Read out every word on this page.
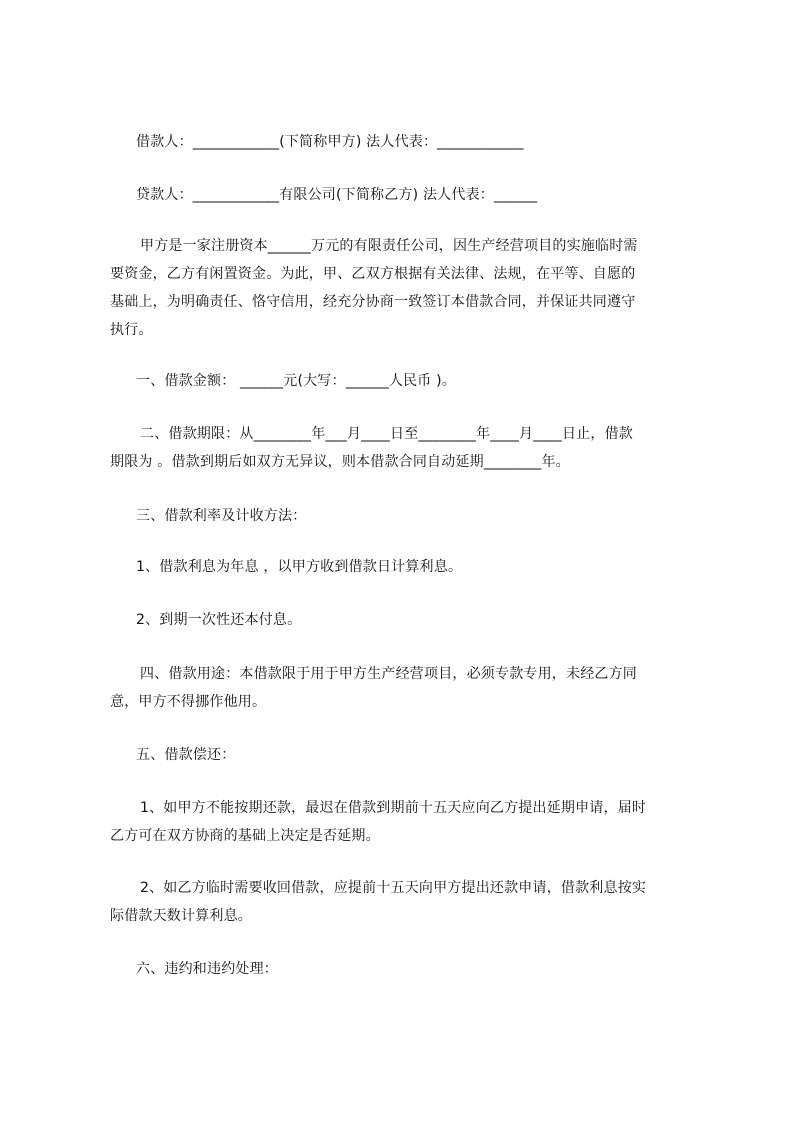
借款人：____________(下简称甲方) 法人代表：____________
贷款人：____________有限公司(下简称乙方) 法人代表：______
甲方是一家注册资本______万元的有限责任公司，因生产经营项目的实施临时需
要资金，乙方有闲置资金。为此，甲、乙双方根据有关法律、法规，在平等、自愿的
基础上，为明确责任、恪守信用，经充分协商一致签订本借款合同，并保证共同遵守
执行。
一、借款金额： ______元(大写：______人民币 )。
二、借款期限：从________年___月____日至________年____月____日止，借款
期限为 。借款到期后如双方无异议，则本借款合同自动延期________年。
三、借款利率及计收方法：
1、借款利息为年息 ，以甲方收到借款日计算利息。
2、到期一次性还本付息。
四、借款用途：本借款限于用于甲方生产经营项目，必须专款专用，未经乙方同
意，甲方不得挪作他用。
五、借款偿还：
1、如甲方不能按期还款，最迟在借款到期前十五天应向乙方提出延期申请，届时
乙方可在双方协商的基础上决定是否延期。
2、如乙方临时需要收回借款，应提前十五天向甲方提出还款申请，借款利息按实
际借款天数计算利息。
六、违约和违约处理：
